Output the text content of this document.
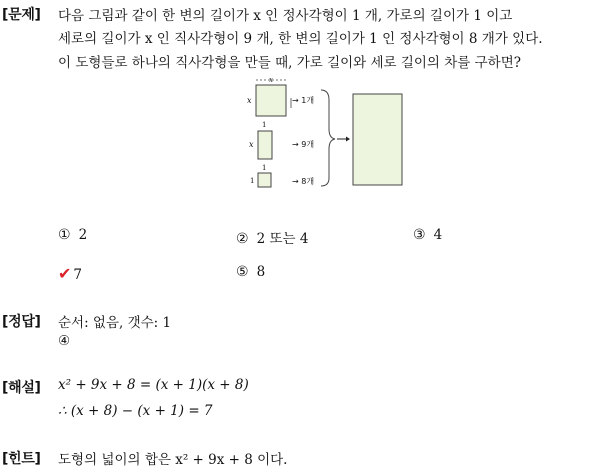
[문제] 다음 그림과 같이 한 변의 길이가 x 인 정사각형이 1 개, 가로의 길이가 1 이고
세로의 길이가 x 인 직사각형이 9 개, 한 변의 길이가 1 인 정사각형이 8 개가 있다.
이 도형들로 하나의 직사각형을 만들 때, 가로 길이와 세로 길이의 차를 구하면?
x
x	→ 1개
1
x	→ 9개
1
1	→ 8개
① 2	② 2 또는 4	③ 4
✔ 7	⑤ 8
[정답] 순서: 없음, 갯수: 1
④
[해설] x² + 9x + 8 = (x + 1)(x + 8)
∴ (x + 8) − (x + 1) = 7
[힌트] 도형의 넓이의 합은 x² + 9x + 8 이다.
